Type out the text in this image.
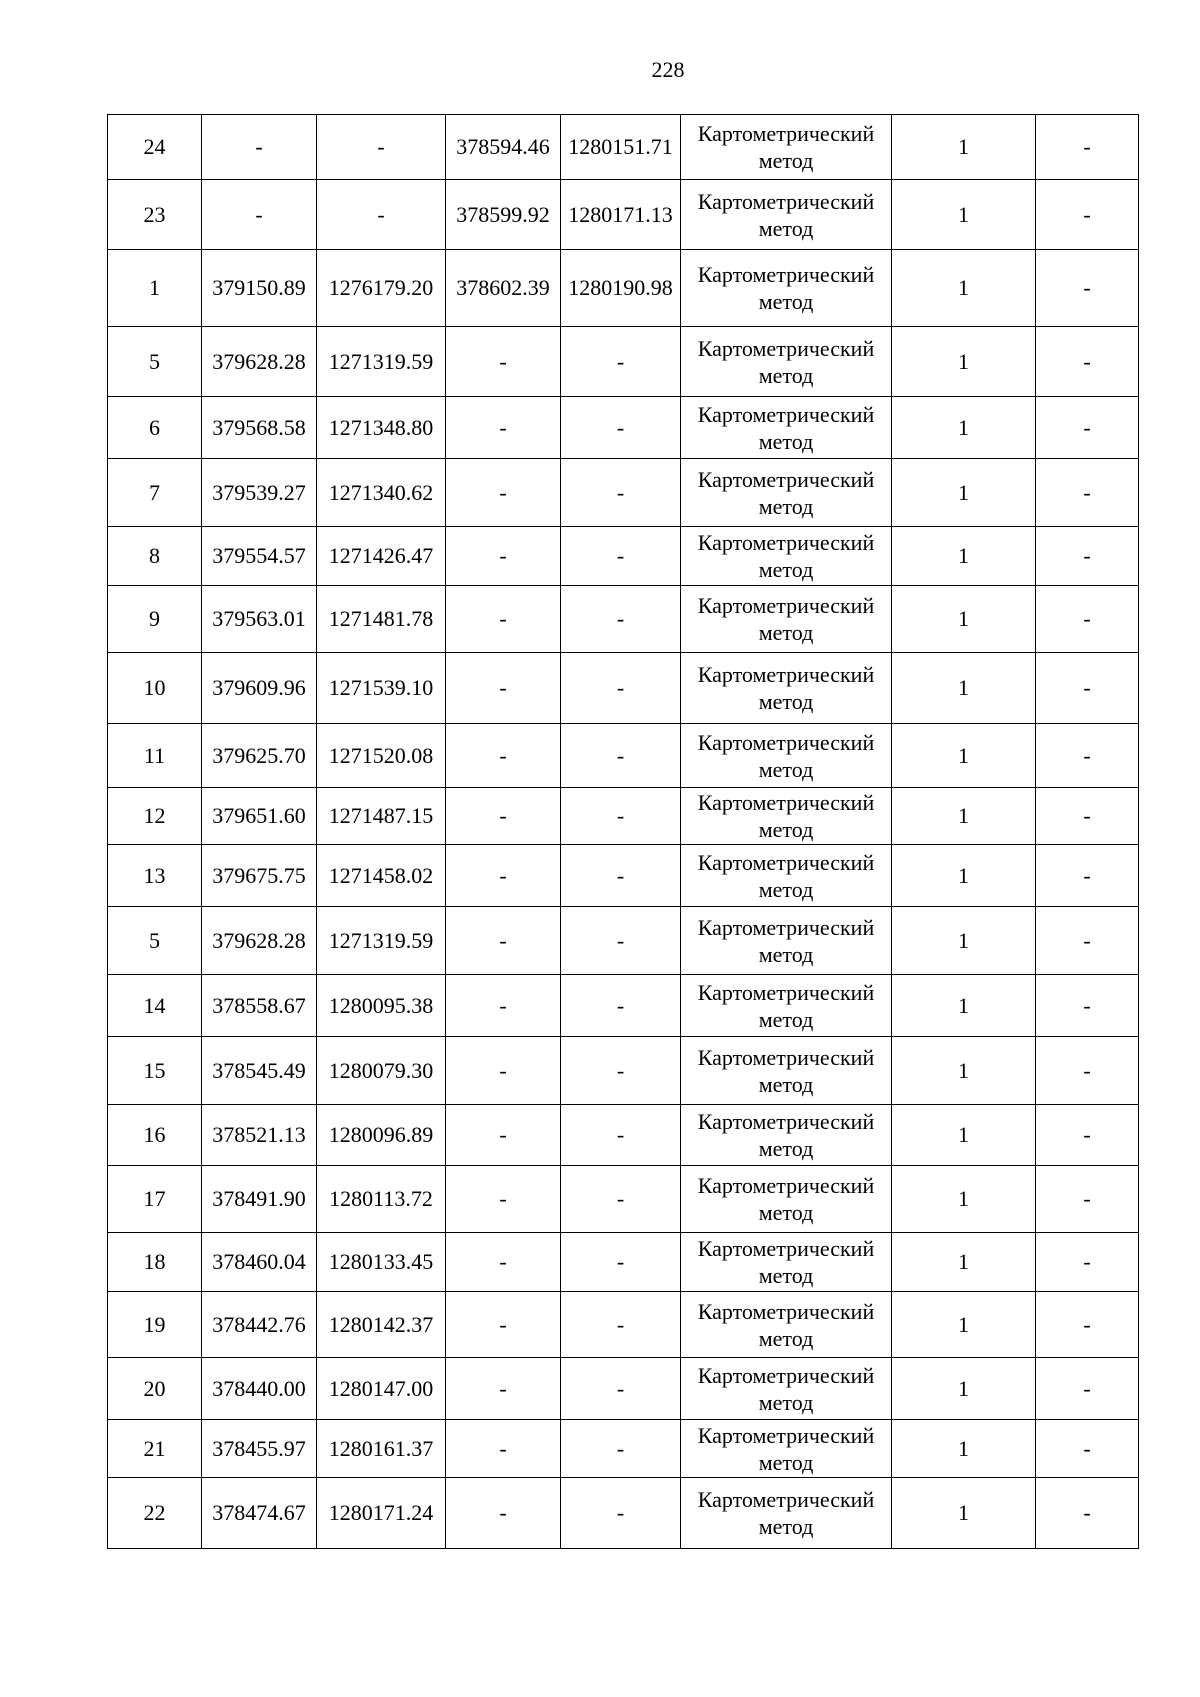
228
24	-	-	378594.46	1280151.71	Картометрический метод	1	-
23	-	-	378599.92	1280171.13	Картометрический метод	1	-
1	379150.89	1276179.20	378602.39	1280190.98	Картометрический метод	1	-
5	379628.28	1271319.59	-	-	Картометрический метод	1	-
6	379568.58	1271348.80	-	-	Картометрический метод	1	-
7	379539.27	1271340.62	-	-	Картометрический метод	1	-
8	379554.57	1271426.47	-	-	Картометрический метод	1	-
9	379563.01	1271481.78	-	-	Картометрический метод	1	-
10	379609.96	1271539.10	-	-	Картометрический метод	1	-
11	379625.70	1271520.08	-	-	Картометрический метод	1	-
12	379651.60	1271487.15	-	-	Картометрический метод	1	-
13	379675.75	1271458.02	-	-	Картометрический метод	1	-
5	379628.28	1271319.59	-	-	Картометрический метод	1	-
14	378558.67	1280095.38	-	-	Картометрический метод	1	-
15	378545.49	1280079.30	-	-	Картометрический метод	1	-
16	378521.13	1280096.89	-	-	Картометрический метод	1	-
17	378491.90	1280113.72	-	-	Картометрический метод	1	-
18	378460.04	1280133.45	-	-	Картометрический метод	1	-
19	378442.76	1280142.37	-	-	Картометрический метод	1	-
20	378440.00	1280147.00	-	-	Картометрический метод	1	-
21	378455.97	1280161.37	-	-	Картометрический метод	1	-
22	378474.67	1280171.24	-	-	Картометрический метод	1	-
